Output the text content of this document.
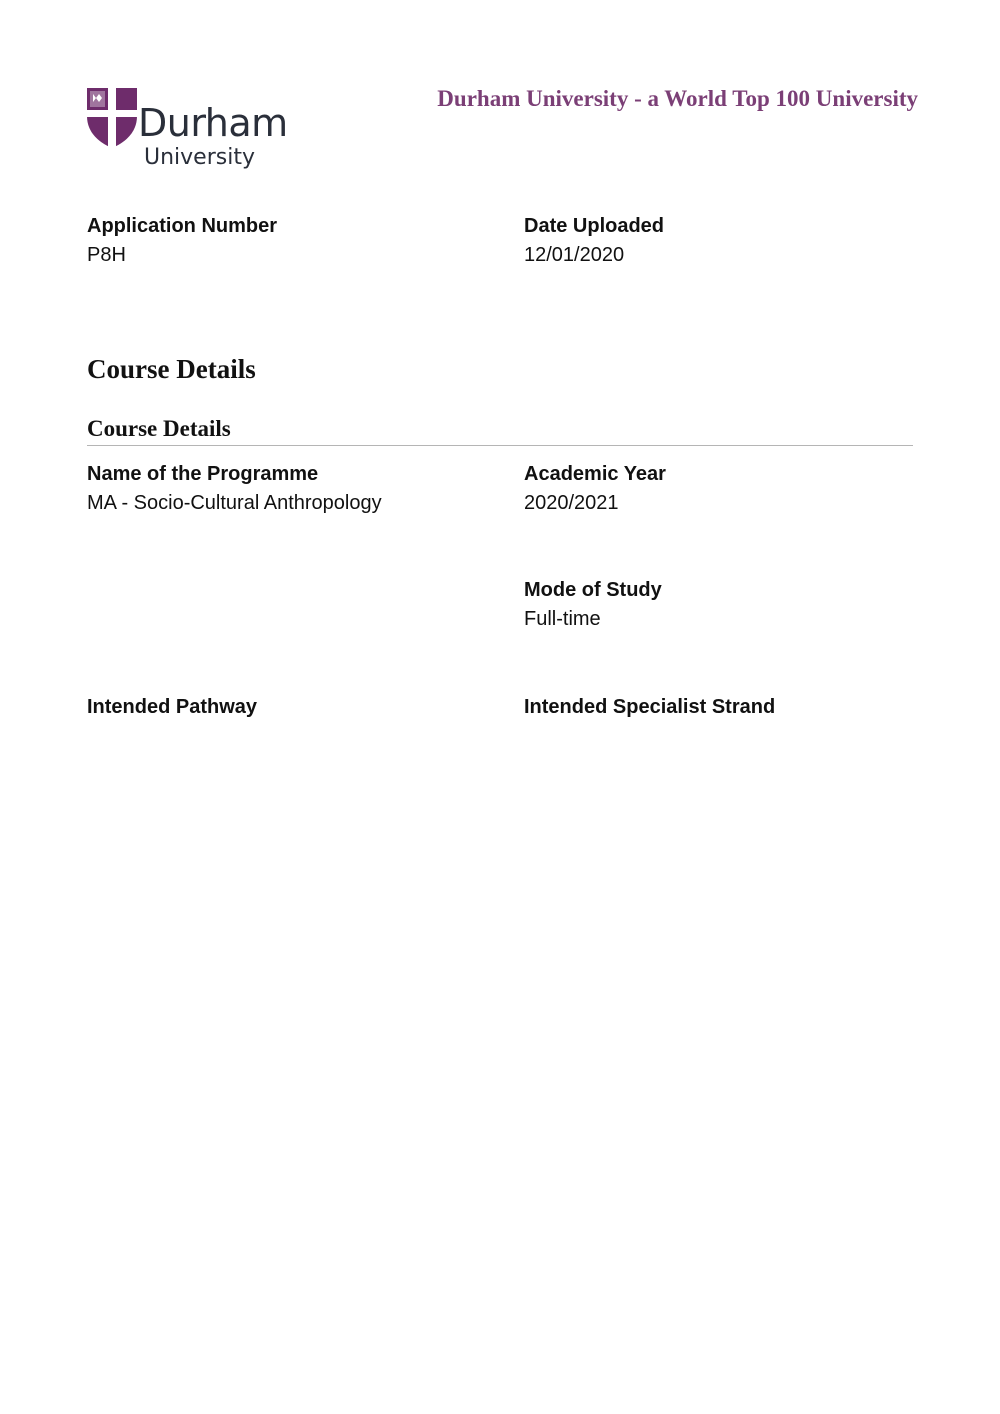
Durham
University
Durham University - a World Top 100 University
Application Number
P8H
Date Uploaded
12/01/2020
Course Details
Course Details
Name of the Programme
MA - Socio-Cultural Anthropology
Academic Year
2020/2021
Mode of Study
Full-time
Intended Pathway	Intended Specialist Strand
